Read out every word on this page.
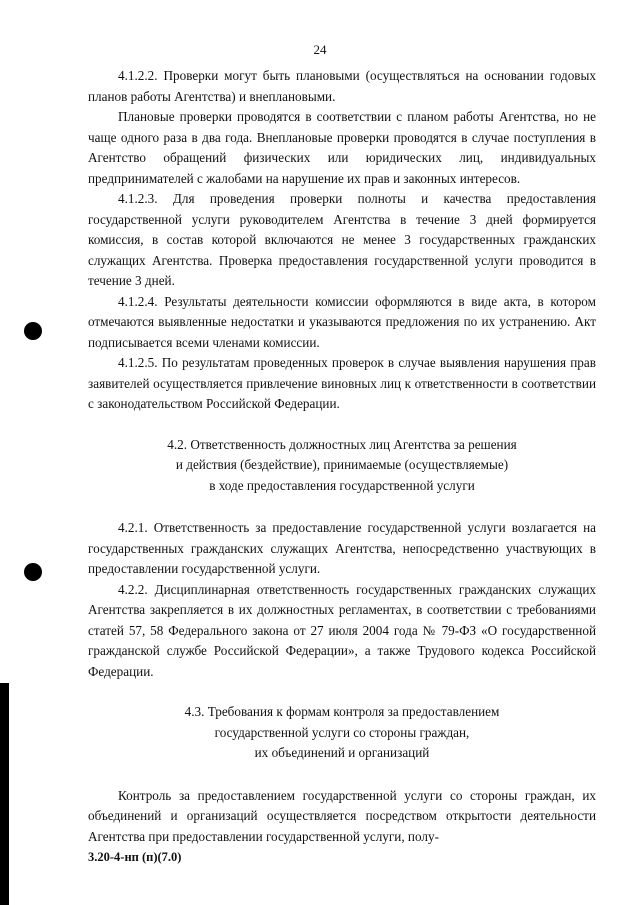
24

4.1.2.2. Проверки могут быть плановыми (осуществляться на основании годовых планов работы Агентства) и внеплановыми.

Плановые проверки проводятся в соответствии с планом работы Агентства, но не чаще одного раза в два года. Внеплановые проверки проводятся в случае поступления в Агентство обращений физических или юридических лиц, индивидуальных предпринимателей с жалобами на нарушение их прав и законных интересов.

4.1.2.3. Для проведения проверки полноты и качества предоставления государственной услуги руководителем Агентства в течение 3 дней формируется комиссия, в состав которой включаются не менее 3 государственных гражданских служащих Агентства. Проверка предоставления государственной услуги проводится в течение 3 дней.

4.1.2.4. Результаты деятельности комиссии оформляются в виде акта, в котором отмечаются выявленные недостатки и указываются предложения по их устранению. Акт подписывается всеми членами комиссии.

4.1.2.5. По результатам проведенных проверок в случае выявления нарушения прав заявителей осуществляется привлечение виновных лиц к ответственности в соответствии с законодательством Российской Федерации.

4.2. Ответственность должностных лиц Агентства за решения
и действия (бездействие), принимаемые (осуществляемые)
в ходе предоставления государственной услуги

4.2.1. Ответственность за предоставление государственной услуги возлагается на государственных гражданских служащих Агентства, непосредственно участвующих в предоставлении государственной услуги.

4.2.2. Дисциплинарная ответственность государственных гражданских служащих Агентства закрепляется в их должностных регламентах, в соответствии с требованиями статей 57, 58 Федерального закона от 27 июля 2004 года № 79-ФЗ «О государственной гражданской службе Российской Федерации», а также Трудового кодекса Российской Федерации.

4.3. Требования к формам контроля за предоставлением
государственной услуги со стороны граждан,
их объединений и организаций

Контроль за предоставлением государственной услуги со стороны граждан, их объединений и организаций осуществляется посредством открытости деятельности Агентства при предоставлении государственной услуги, полу-

3.20-4-нп (п)(7.0)
